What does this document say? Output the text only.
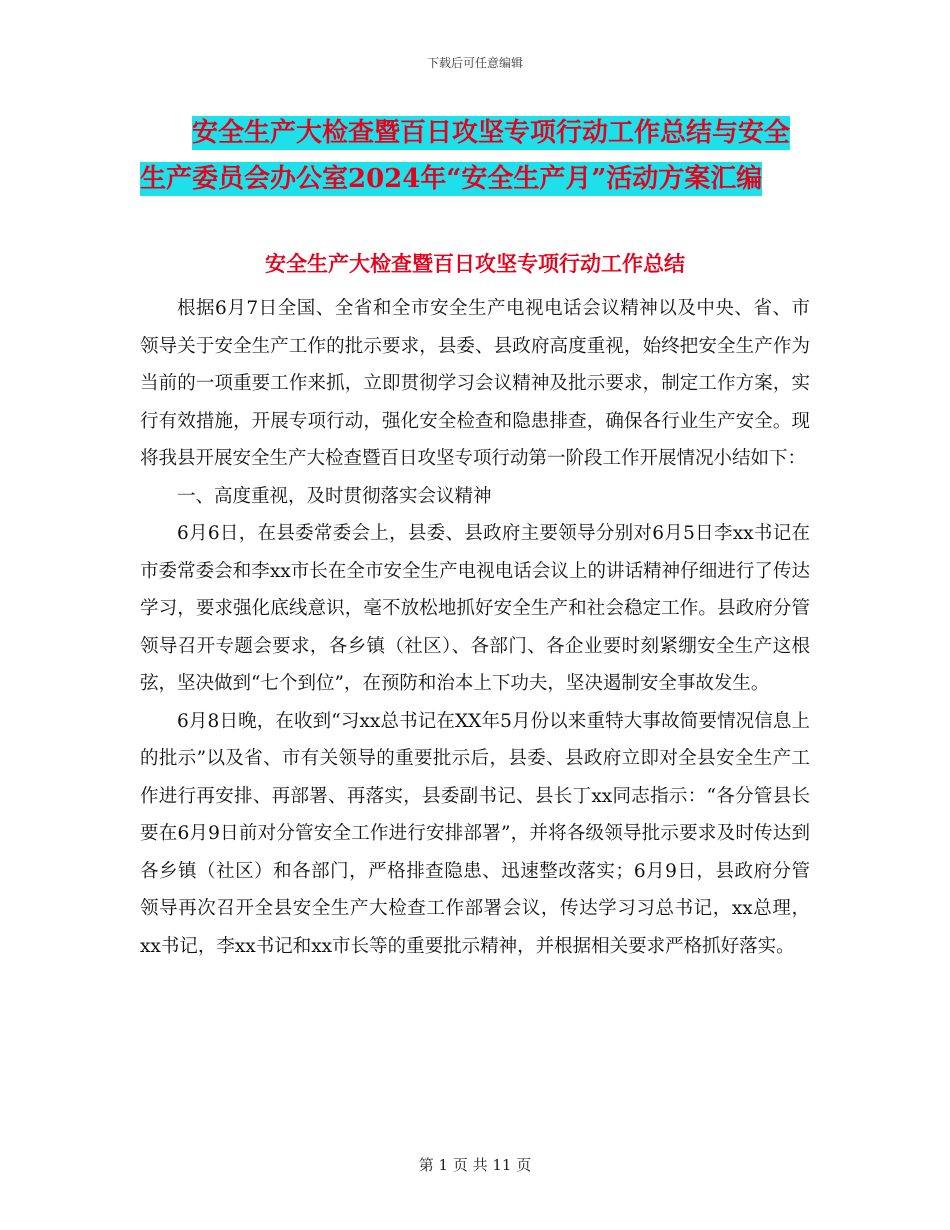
下载后可任意编辑
安全生产大检查暨百日攻坚专项行动工作总结与安全
生产委员会办公室2024年“安全生产月”活动方案汇编
安全生产大检查暨百日攻坚专项行动工作总结

根据6月7日全国、全省和全市安全生产电视电话会议精神以及中央、省、市领导关于安全生产工作的批示要求，县委、县政府高度重视，始终把安全生产作为当前的一项重要工作来抓，立即贯彻学习会议精神及批示要求，制定工作方案，实行有效措施，开展专项行动，强化安全检查和隐患排查，确保各行业生产安全。现将我县开展安全生产大检查暨百日攻坚专项行动第一阶段工作开展情况小结如下：

一、高度重视，及时贯彻落实会议精神

6月6日，在县委常委会上，县委、县政府主要领导分别对6月5日李xx书记在市委常委会和李xx市长在全市安全生产电视电话会议上的讲话精神仔细进行了传达学习，要求强化底线意识，毫不放松地抓好安全生产和社会稳定工作。县政府分管领导召开专题会要求，各乡镇（社区）、各部门、各企业要时刻紧绷安全生产这根弦，坚决做到“七个到位”，在预防和治本上下功夫，坚决遏制安全事故发生。

6月8日晚，在收到“习xx总书记在XX年5月份以来重特大事故简要情况信息上的批示”以及省、市有关领导的重要批示后，县委、县政府立即对全县安全生产工作进行再安排、再部署、再落实，县委副书记、县长丁xx同志指示：“各分管县长要在6月9日前对分管安全工作进行安排部署”，并将各级领导批示要求及时传达到各乡镇（社区）和各部门，严格排查隐患、迅速整改落实；6月9日，县政府分管领导再次召开全县安全生产大检查工作部署会议，传达学习习总书记，xx总理，xx书记，李xx书记和xx市长等的重要批示精神，并根据相关要求严格抓好落实。

第 1 页 共 11 页
